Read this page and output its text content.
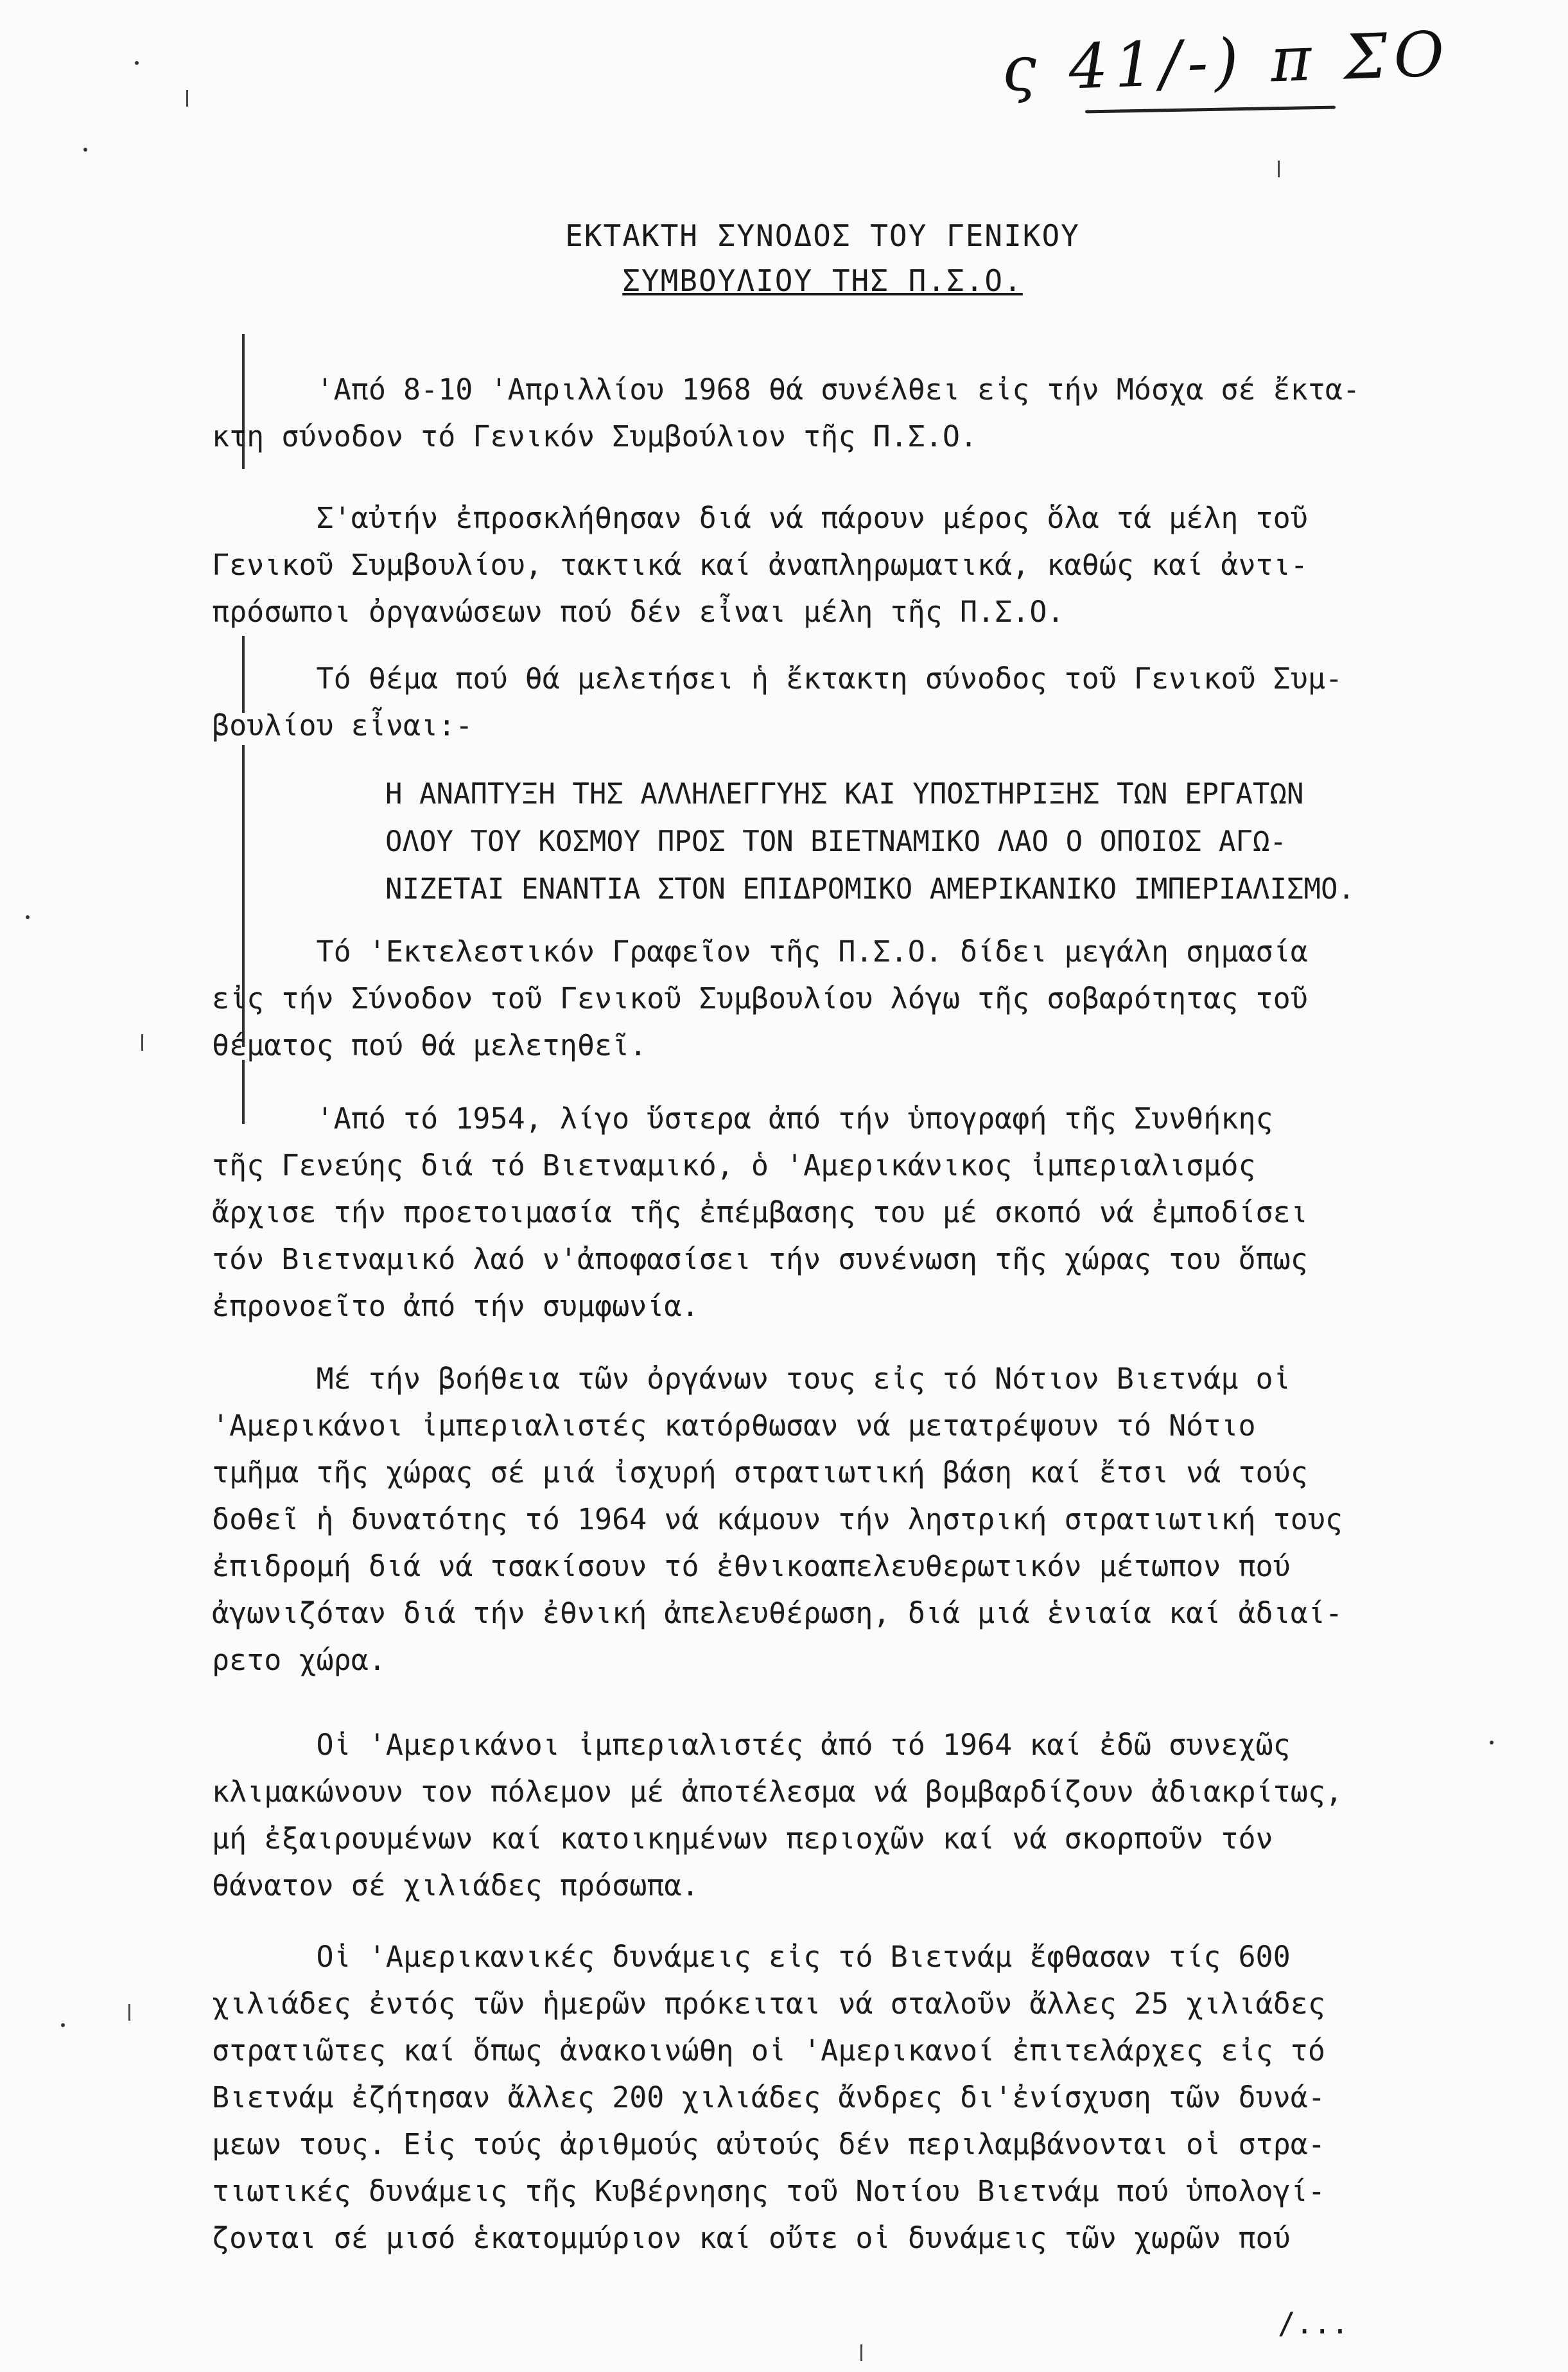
ς 41/-) π ΣΟ
ΕΚΤΑΚΤΗ ΣΥΝΟΔΟΣ ΤΟΥ ΓΕΝΙΚΟΥ
ΣΥΜΒΟΥΛΙΟΥ ΤΗΣ Π.Σ.Ο.
'Από 8-10 'Απριλλίου 1968 θά συνέλθει εἰς τήν Μόσχα σέ ἔκτα-
κτη σύνοδον τό Γενικόν Συμβούλιον τῆς Π.Σ.Ο.
Σ'αὐτήν ἐπροσκλήθησαν διά νά πάρουν μέρος ὅλα τά μέλη τοῦ
Γενικοῦ Συμβουλίου, τακτικά καί ἀναπληρωματικά, καθώς καί ἀντι-
πρόσωποι ὀργανώσεων πού δέν εἶναι μέλη τῆς Π.Σ.Ο.
Τό θέμα πού θά μελετήσει ἡ ἔκτακτη σύνοδος τοῦ Γενικοῦ Συμ-
βουλίου εἶναι:-
Η ΑΝΑΠΤΥΞΗ ΤΗΣ ΑΛΛΗΛΕΓΓΥΗΣ ΚΑΙ ΥΠΟΣΤΗΡΙΞΗΣ ΤΩΝ ΕΡΓΑΤΩΝ
ΟΛΟΥ ΤΟΥ ΚΟΣΜΟΥ ΠΡΟΣ ΤΟΝ ΒΙΕΤΝΑΜΙΚΟ ΛΑΟ Ο ΟΠΟΙΟΣ ΑΓΩ-
ΝΙΖΕΤΑΙ ΕΝΑΝΤΙΑ ΣΤΟΝ ΕΠΙΔΡΟΜΙΚΟ ΑΜΕΡΙΚΑΝΙΚΟ ΙΜΠΕΡΙΑΛΙΣΜΟ.
Τό 'Εκτελεστικόν Γραφεῖον τῆς Π.Σ.Ο. δίδει μεγάλη σημασία
εἰς τήν Σύνοδον τοῦ Γενικοῦ Συμβουλίου λόγω τῆς σοβαρότητας τοῦ
θέματος πού θά μελετηθεῖ.
'Από τό 1954, λίγο ὕστερα ἀπό τήν ὑπογραφή τῆς Συνθήκης
τῆς Γενεύης διά τό Βιετναμικό, ὁ 'Αμερικάνικος ἰμπεριαλισμός
ἄρχισε τήν προετοιμασία τῆς ἐπέμβασης του μέ σκοπό νά ἐμποδίσει
τόν Βιετναμικό λαό ν'ἀποφασίσει τήν συνένωση τῆς χώρας του ὅπως
ἐπρονοεῖτο ἀπό τήν συμφωνία.
Μέ τήν βοήθεια τῶν ὀργάνων τους εἰς τό Νότιον Βιετνάμ οἱ
'Αμερικάνοι ἰμπεριαλιστές κατόρθωσαν νά μετατρέψουν τό Νότιο
τμῆμα τῆς χώρας σέ μιά ἰσχυρή στρατιωτική βάση καί ἔτσι νά τούς
δοθεῖ ἡ δυνατότης τό 1964 νά κάμουν τήν ληστρική στρατιωτική τους
ἐπιδρομή διά νά τσακίσουν τό ἐθνικοαπελευθερωτικόν μέτωπον πού
ἀγωνιζόταν διά τήν ἐθνική ἀπελευθέρωση, διά μιά ἑνιαία καί ἀδιαί-
ρετο χώρα.
Οἱ 'Αμερικάνοι ἰμπεριαλιστές ἀπό τό 1964 καί ἐδῶ συνεχῶς
κλιμακώνουν τον πόλεμον μέ ἀποτέλεσμα νά βομβαρδίζουν ἀδιακρίτως,
μή ἐξαιρουμένων καί κατοικημένων περιοχῶν καί νά σκορποῦν τόν
θάνατον σέ χιλιάδες πρόσωπα.
Οἱ 'Αμερικανικές δυνάμεις εἰς τό Βιετνάμ ἔφθασαν τίς 600
χιλιάδες ἐντός τῶν ἡμερῶν πρόκειται νά σταλοῦν ἄλλες 25 χιλιάδες
στρατιῶτες καί ὅπως ἀνακοινώθη οἱ 'Αμερικανοί ἐπιτελάρχες εἰς τό
Βιετνάμ ἐζήτησαν ἄλλες 200 χιλιάδες ἄνδρες δι'ἐνίσχυση τῶν δυνά-
μεων τους. Εἰς τούς ἀριθμούς αὐτούς δέν περιλαμβάνονται οἱ στρα-
τιωτικές δυνάμεις τῆς Κυβέρνησης τοῦ Νοτίου Βιετνάμ πού ὑπολογί-
ζονται σέ μισό ἑκατομμύριον καί οὔτε οἱ δυνάμεις τῶν χωρῶν πού
/...
